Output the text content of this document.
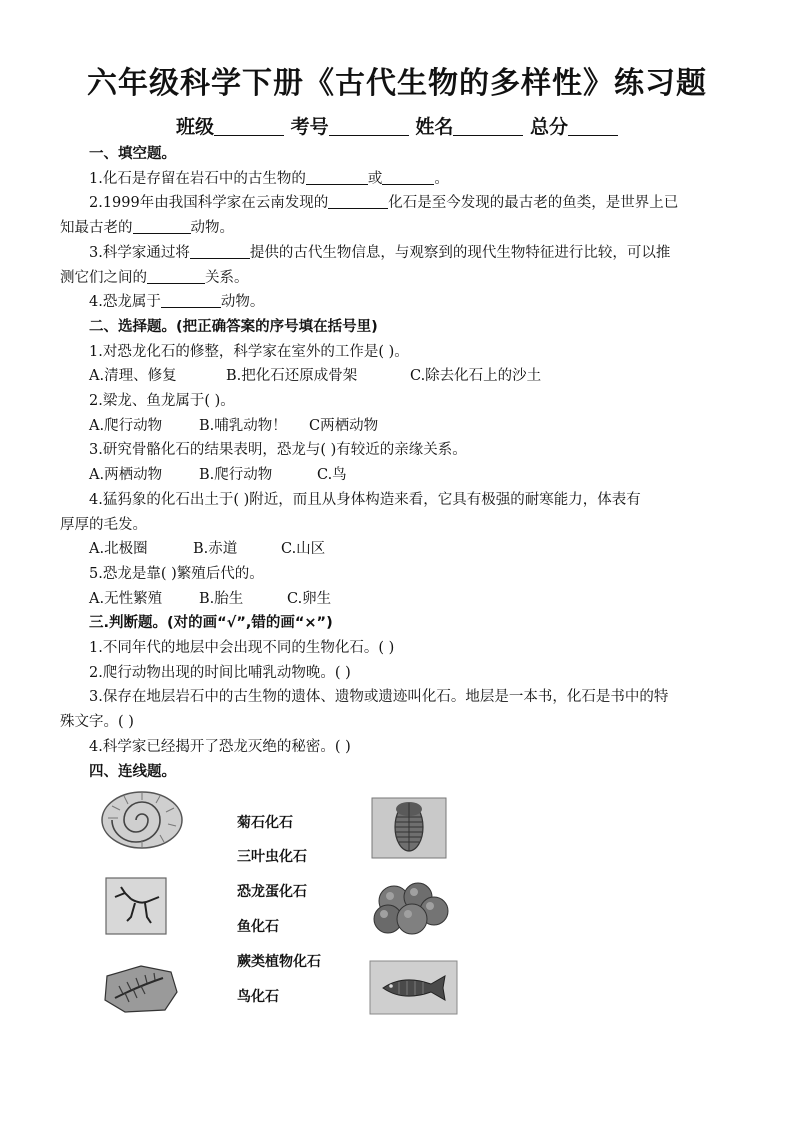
六年级科学下册《古代生物的多样性》练习题
班级	考号	姓名	总分

一、填空题。

1.化石是存留在岩石中的古生物的	或	。

2.1999年由我国科学家在云南发现的	化石是至今发现的最古老的鱼类，是世界上已

知最古老的	动物。

3.科学家通过将	提供的古代生物信息，与观察到的现代生物特征进行比较，可以推

测它们之间的	关系。

4.恐龙属于	动物。

二、选择题。(把正确答案的序号填在括号里)

1.对恐龙化石的修整，科学家在室外的工作是( )。

A.清理、修复	B.把化石还原成骨架	C.除去化石上的沙土

2.梁龙、鱼龙属于( )。

A.爬行动物	B.哺乳动物！ C两栖动物

3.研究骨骼化石的结果表明，恐龙与( )有较近的亲缘关系。

A.两栖动物	B.爬行动物	C.鸟

4.猛犸象的化石出土于( )附近，而且从身体构造来看，它具有极强的耐寒能力，体表有

厚厚的毛发。

A.北极圈	B.赤道	C.山区

5.恐龙是靠( )繁殖后代的。

A.无性繁殖	B.胎生	C.卵生

三.判断题。(对的画“√”,错的画“×”)

1.不同年代的地层中会出现不同的生物化石。( )

2.爬行动物出现的时间比哺乳动物晚。( )

3.保存在地层岩石中的古生物的遗体、遗物或遗迹叫化石。地层是一本书，化石是书中的特

殊文字。( )

4.科学家已经揭开了恐龙灭绝的秘密。( )

四、连线题。

菊石化石
三叶虫化石
恐龙蛋化石
鱼化石
蕨类植物化石
鸟化石
